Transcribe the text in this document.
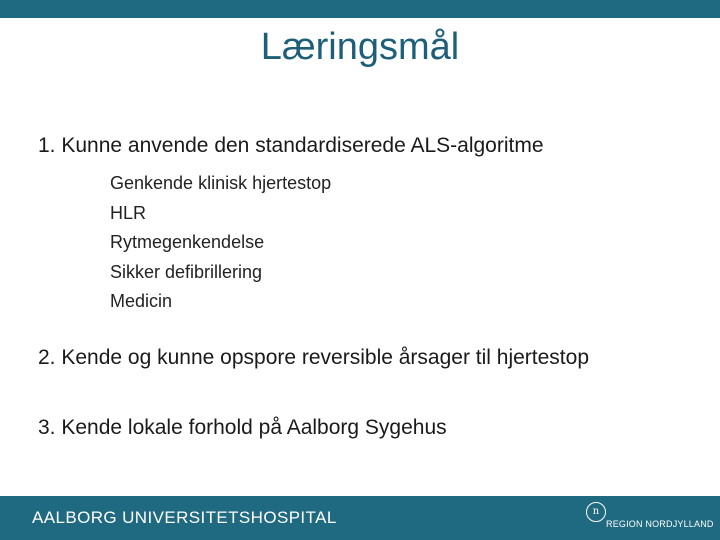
Læringsmål
1. Kunne anvende den standardiserede ALS-algoritme
Genkende klinisk hjertestop
HLR
Rytmegenkendelse
Sikker defibrillering
Medicin
2. Kende og kunne opspore reversible årsager til hjertestop
3. Kende lokale forhold på Aalborg Sygehus
AALBORG UNIVERSITETSHOSPITAL	n
REGION NORDJYLLAND
